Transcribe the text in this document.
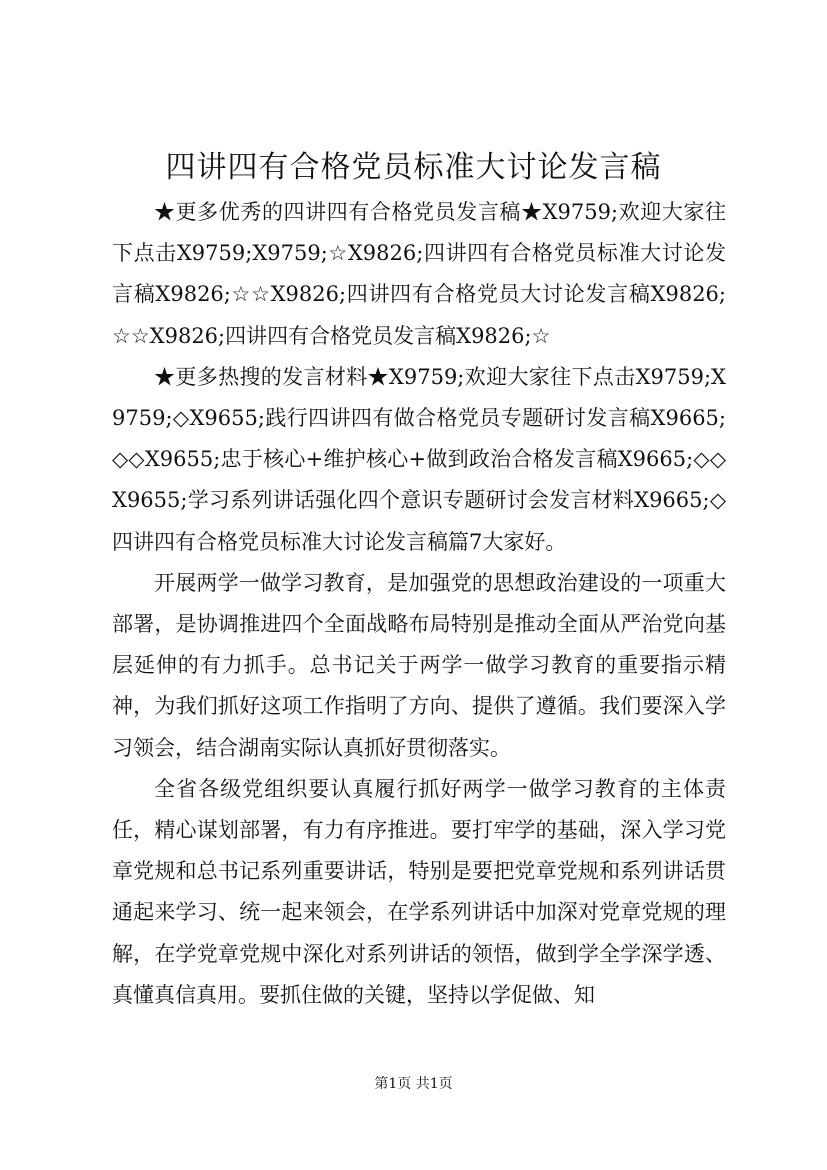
四讲四有合格党员标准大讨论发言稿

★更多优秀的四讲四有合格党员发言稿★X9759;欢迎大家往下点击X9759;X9759;☆X9826;四讲四有合格党员标准大讨论发言稿X9826;☆☆X9826;四讲四有合格党员大讨论发言稿X9826;☆☆X9826;四讲四有合格党员发言稿X9826;☆

★更多热搜的发言材料★X9759;欢迎大家往下点击X9759;X9759;◇X9655;践行四讲四有做合格党员专题研讨发言稿X9665;◇◇X9655;忠于核心+维护核心+做到政治合格发言稿X9665;◇◇X9655;学习系列讲话强化四个意识专题研讨会发言材料X9665;◇四讲四有合格党员标准大讨论发言稿篇7大家好。

开展两学一做学习教育，是加强党的思想政治建设的一项重大部署，是协调推进四个全面战略布局特别是推动全面从严治党向基层延伸的有力抓手。总书记关于两学一做学习教育的重要指示精神，为我们抓好这项工作指明了方向、提供了遵循。我们要深入学习领会，结合湖南实际认真抓好贯彻落实。

全省各级党组织要认真履行抓好两学一做学习教育的主体责任，精心谋划部署，有力有序推进。要打牢学的基础，深入学习党章党规和总书记系列重要讲话，特别是要把党章党规和系列讲话贯通起来学习、统一起来领会，在学系列讲话中加深对党章党规的理解，在学党章党规中深化对系列讲话的领悟，做到学全学深学透、真懂真信真用。要抓住做的关键，坚持以学促做、知

第1页 共1页
